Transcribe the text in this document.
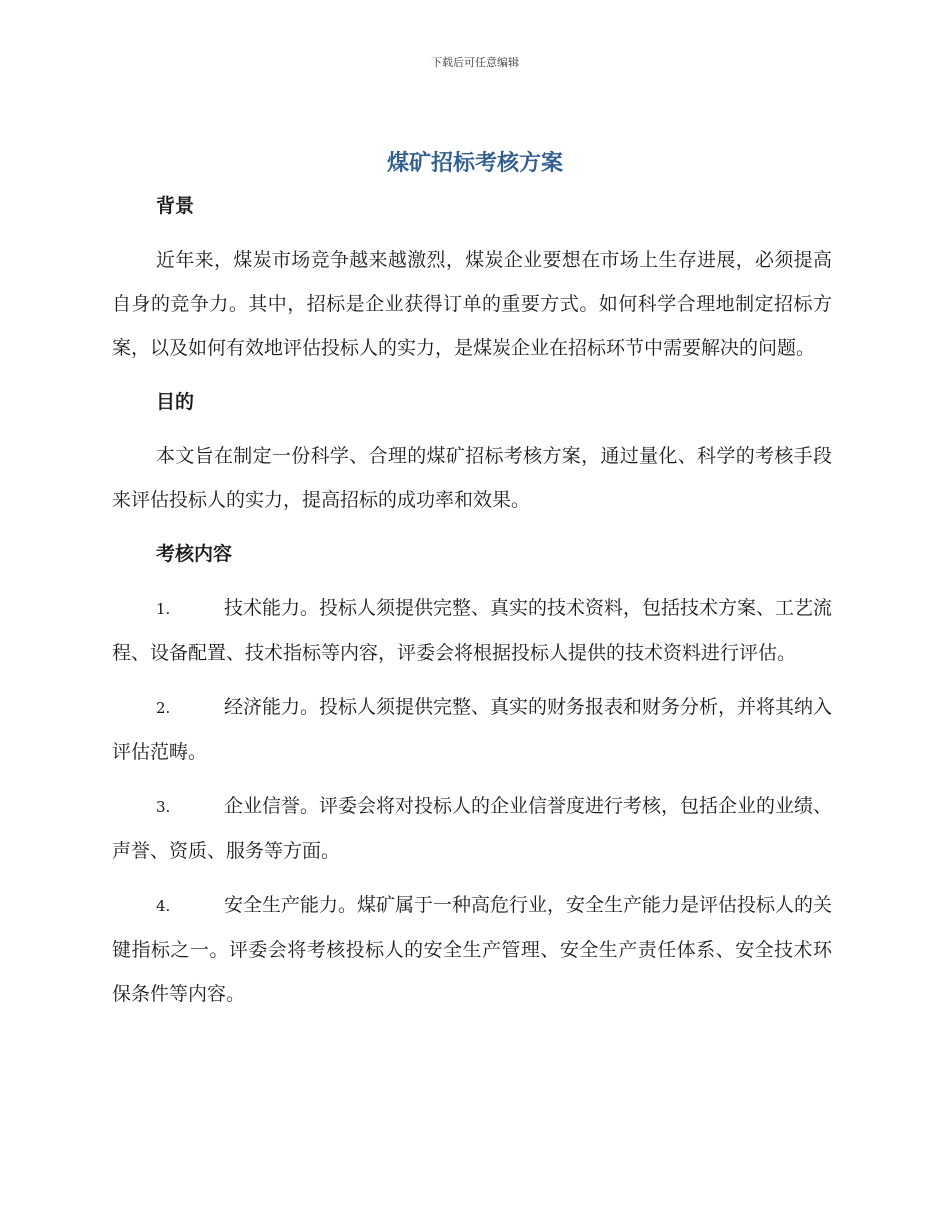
下载后可任意编辑
煤矿招标考核方案

背景

近年来，煤炭市场竞争越来越激烈，煤炭企业要想在市场上生存进展，必须提高自身的竞争力。其中，招标是企业获得订单的重要方式。如何科学合理地制定招标方案，以及如何有效地评估投标人的实力，是煤炭企业在招标环节中需要解决的问题。

目的

本文旨在制定一份科学、合理的煤矿招标考核方案，通过量化、科学的考核手段来评估投标人的实力，提高招标的成功率和效果。

考核内容

1.	技术能力。投标人须提供完整、真实的技术资料，包括技术方案、工艺流程、设备配置、技术指标等内容，评委会将根据投标人提供的技术资料进行评估。

2.	经济能力。投标人须提供完整、真实的财务报表和财务分析，并将其纳入评估范畴。

3.	企业信誉。评委会将对投标人的企业信誉度进行考核，包括企业的业绩、声誉、资质、服务等方面。

4.	安全生产能力。煤矿属于一种高危行业，安全生产能力是评估投标人的关键指标之一。评委会将考核投标人的安全生产管理、安全生产责任体系、安全技术环保条件等内容。
